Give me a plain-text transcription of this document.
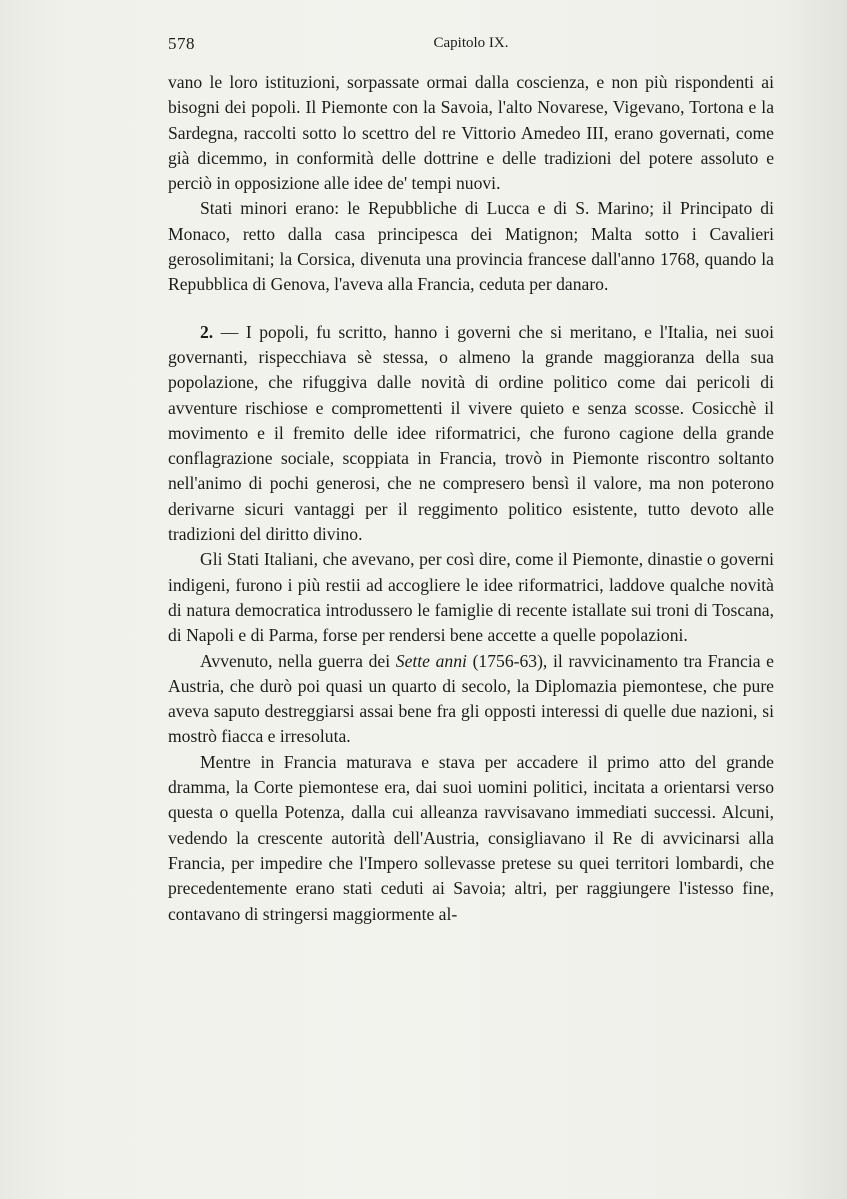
578	Capitolo IX.

vano le loro istituzioni, sorpassate ormai dalla coscienza, e non più rispondenti ai bisogni dei popoli. Il Piemonte con la Savoia, l'alto Novarese, Vigevano, Tortona e la Sardegna, raccolti sotto lo scettro del re Vittorio Amedeo III, erano governati, come già dicemmo, in conformità delle dottrine e delle tradizioni del potere assoluto e perciò in opposizione alle idee de' tempi nuovi.

Stati minori erano: le Repubbliche di Lucca e di S. Marino; il Principato di Monaco, retto dalla casa principesca dei Matignon; Malta sotto i Cavalieri gerosolimitani; la Corsica, divenuta una provincia francese dall'anno 1768, quando la Repubblica di Genova, l'aveva alla Francia, ceduta per danaro.

2. — I popoli, fu scritto, hanno i governi che si meritano, e l'Italia, nei suoi governanti, rispecchiava sè stessa, o almeno la grande maggioranza della sua popolazione, che rifuggiva dalle novità di ordine politico come dai pericoli di avventure rischiose e compromettenti il vivere quieto e senza scosse. Cosicchè il movimento e il fremito delle idee riformatrici, che furono cagione della grande conflagrazione sociale, scoppiata in Francia, trovò in Piemonte riscontro soltanto nell'animo di pochi generosi, che ne compresero bensì il valore, ma non poterono derivarne sicuri vantaggi per il reggimento politico esistente, tutto devoto alle tradizioni del diritto divino.

Gli Stati Italiani, che avevano, per così dire, come il Piemonte, dinastie o governi indigeni, furono i più restii ad accogliere le idee riformatrici, laddove qualche novità di natura democratica introdussero le famiglie di recente istallate sui troni di Toscana, di Napoli e di Parma, forse per rendersi bene accette a quelle popolazioni.

Avvenuto, nella guerra dei Sette anni (1756-63), il ravvicinamento tra Francia e Austria, che durò poi quasi un quarto di secolo, la Diplomazia piemontese, che pure aveva saputo destreggiarsi assai bene fra gli opposti interessi di quelle due nazioni, si mostrò fiacca e irresoluta.

Mentre in Francia maturava e stava per accadere il primo atto del grande dramma, la Corte piemontese era, dai suoi uomini politici, incitata a orientarsi verso questa o quella Potenza, dalla cui alleanza ravvisavano immediati successi. Alcuni, vedendo la crescente autorità dell'Austria, consigliavano il Re di avvicinarsi alla Francia, per impedire che l'Impero sollevasse pretese su quei territori lombardi, che precedentemente erano stati ceduti ai Savoia; altri, per raggiungere l'istesso fine, contavano di stringersi maggiormente al-
